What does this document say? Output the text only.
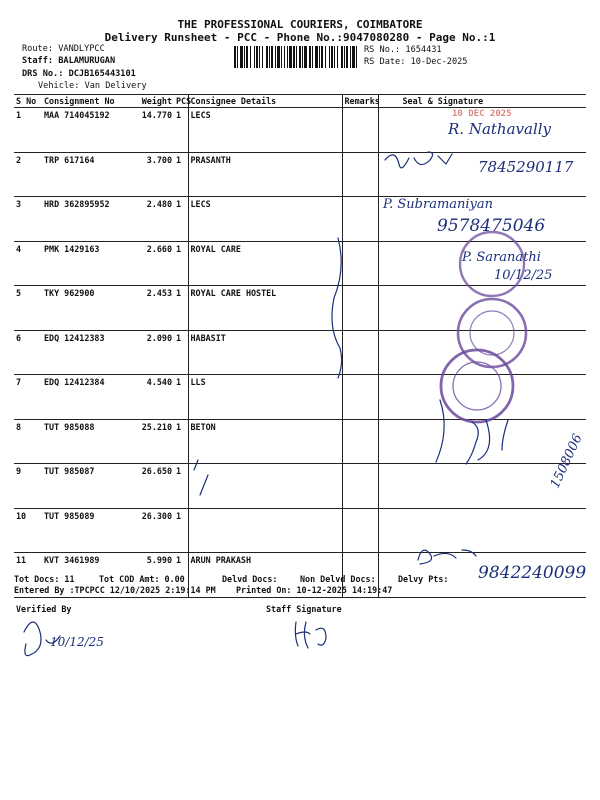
THE PROFESSIONAL COURIERS, COIMBATORE
Delivery Runsheet - PCC - Phone No.:9047080280 - Page No.:1
Route: VANDLYPCC
Staff: BALAMURUGAN
DRS No.: DCJB165443101
Vehicle: Van Delivery
RS No.: 1654431
RS Date: 10-Dec-2025
S No	Consignment No	Weight	PCS	Consignee Details	Remarks	Seal & Signature
1	MAA 714045192	14.770	1	LECS		
2	TRP 617164	3.700	1	PRASANTH		
3	HRD 362895952	2.480	1	LECS		
4	PMK 1429163	2.660	1	ROYAL CARE		
5	TKY 962900	2.453	1	ROYAL CARE HOSTEL		
6	EDQ 12412383	2.090	1	HABASIT		
7	EDQ 12412384	4.540	1	LLS		
8	TUT 985088	25.210	1	BETON		
9	TUT 985087	26.650	1			
10	TUT 985089	26.300	1			
11	KVT 3461989	5.990	1	ARUN PRAKASH		
10 DEC 2025
R. Nathavally
7845290117
P. Subramaniyan
9578475046
P. Saranathi
10/12/25
1508006
9842240099
10/12/25
Tot Docs: 11	Tot COD Amt: 0.00	Delvd Docs:	Non Delvd Docs:	Delvy Pts:
Entered By :TPCPCC 12/10/2025 2:19:14 PM Printed On: 10-12-2025 14:19:47
Verified By	Staff Signature
